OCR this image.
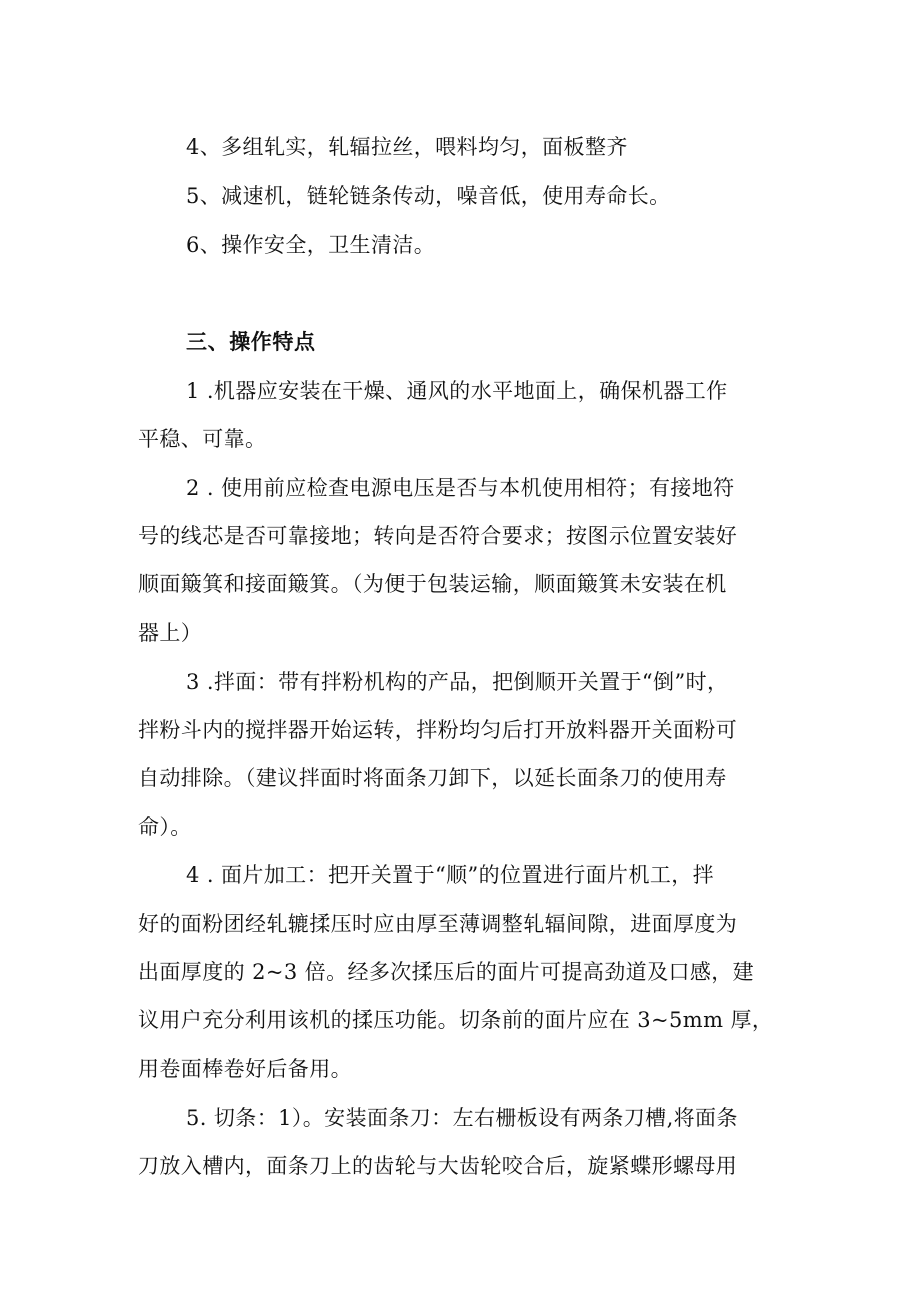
4、多组轧实，轧辐拉丝，喂料均匀，面板整齐
5、减速机，链轮链条传动，噪音低，使用寿命长。
6、操作安全，卫生清洁。
三、操作特点
1 .机器应安装在干燥、通风的水平地面上，确保机器工作
平稳、可靠。
2 . 使用前应检查电源电压是否与本机使用相符；有接地符
号的线芯是否可靠接地；转向是否符合要求；按图示位置安装好
顺面簸箕和接面簸箕。（为便于包装运输，顺面簸箕未安装在机
器上）
3 .拌面：带有拌粉机构的产品，把倒顺开关置于“倒”时，
拌粉斗内的搅拌器开始运转，拌粉均匀后打开放料器开关面粉可
自动排除。（建议拌面时将面条刀卸下，以延长面条刀的使用寿
命）。
4 . 面片加工：把开关置于“顺”的位置进行面片机工，拌
好的面粉团经轧辘揉压时应由厚至薄调整轧辐间隙，进面厚度为
出面厚度的 2~3 倍。经多次揉压后的面片可提高劲道及口感，建
议用户充分利用该机的揉压功能。切条前的面片应在 3~5mm 厚，
用卷面棒卷好后备用。
5. 切条：1）。安装面条刀：左右栅板设有两条刀槽,将面条
刀放入槽内，面条刀上的齿轮与大齿轮咬合后，旋紧蝶形螺母用
